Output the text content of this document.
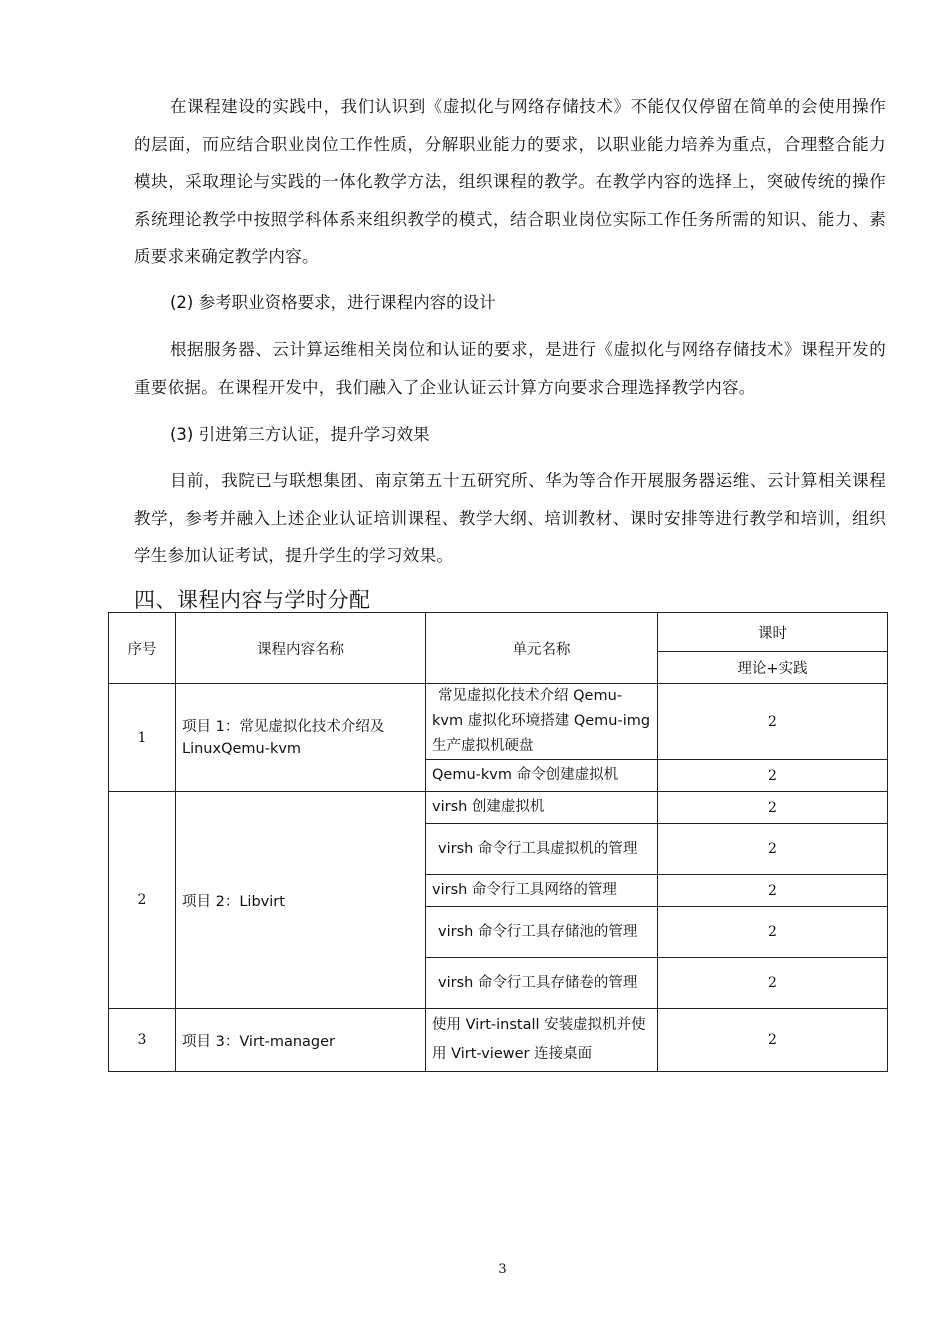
在课程建设的实践中，我们认识到《虚拟化与网络存储技术》不能仅仅停留在简单的会使用操作的层面，而应结合职业岗位工作性质，分解职业能力的要求，以职业能力培养为重点，合理整合能力模块，采取理论与实践的一体化教学方法，组织课程的教学。在教学内容的选择上，突破传统的操作系统理论教学中按照学科体系来组织教学的模式，结合职业岗位实际工作任务所需的知识、能力、素质要求来确定教学内容。

(2) 参考职业资格要求，进行课程内容的设计

根据服务器、云计算运维相关岗位和认证的要求，是进行《虚拟化与网络存储技术》课程开发的重要依据。在课程开发中，我们融入了企业认证云计算方向要求合理选择教学内容。

(3) 引进第三方认证，提升学习效果

目前，我院已与联想集团、南京第五十五研究所、华为等合作开展服务器运维、云计算相关课程教学，参考并融入上述企业认证培训课程、教学大纲、培训教材、课时安排等进行教学和培训，组织学生参加认证考试，提升学生的学习效果。

四、课程内容与学时分配
序号	课程内容名称	单元名称	课时
			理论+实践
1	项目 1：常见虚拟化技术介绍及 LinuxQemu-kvm	常见虚拟化技术介绍 Qemu-kvm 虚拟化环境搭建 Qemu-img 生产虚拟机硬盘	2
		Qemu-kvm 命令创建虚拟机	2
2	项目 2：Libvirt	virsh 创建虚拟机	2
		virsh 命令行工具虚拟机的管理	2
		virsh 命令行工具网络的管理	2
		virsh 命令行工具存储池的管理	2
		virsh 命令行工具存储卷的管理	2
3	项目 3：Virt-manager	使用 Virt-install 安装虚拟机并使用 Virt-viewer 连接桌面	2
3
